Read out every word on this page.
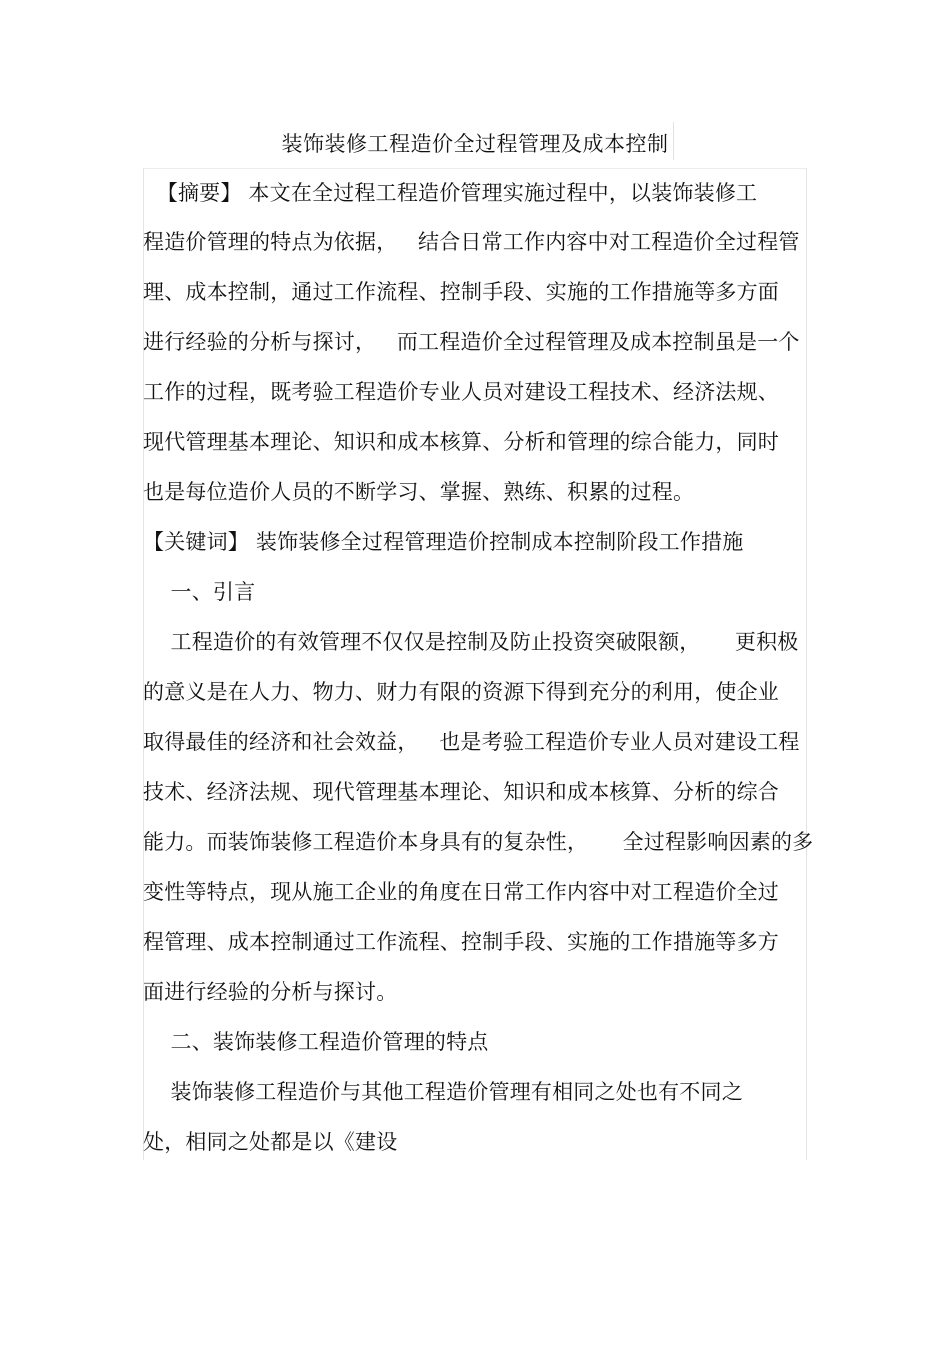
装饰装修工程造价全过程管理及成本控制
【摘要】 本文在全过程工程造价管理实施过程中，以装饰装修工
程造价管理的特点为依据，   结合日常工作内容中对工程造价全过程管
理、成本控制，通过工作流程、控制手段、实施的工作措施等多方面
进行经验的分析与探讨，   而工程造价全过程管理及成本控制虽是一个
工作的过程，既考验工程造价专业人员对建设工程技术、经济法规、
现代管理基本理论、知识和成本核算、分析和管理的综合能力，同时
也是每位造价人员的不断学习、掌握、熟练、积累的过程。
【关键词】 装饰装修全过程管理造价控制成本控制阶段工作措施
一、引言
工程造价的有效管理不仅仅是控制及防止投资突破限额，     更积极
的意义是在人力、物力、财力有限的资源下得到充分的利用，使企业
取得最佳的经济和社会效益，   也是考验工程造价专业人员对建设工程
技术、经济法规、现代管理基本理论、知识和成本核算、分析的综合
能力。而装饰装修工程造价本身具有的复杂性，     全过程影响因素的多
变性等特点，现从施工企业的角度在日常工作内容中对工程造价全过
程管理、成本控制通过工作流程、控制手段、实施的工作措施等多方
面进行经验的分析与探讨。
二、装饰装修工程造价管理的特点
装饰装修工程造价与其他工程造价管理有相同之处也有不同之
处，相同之处都是以《建设
